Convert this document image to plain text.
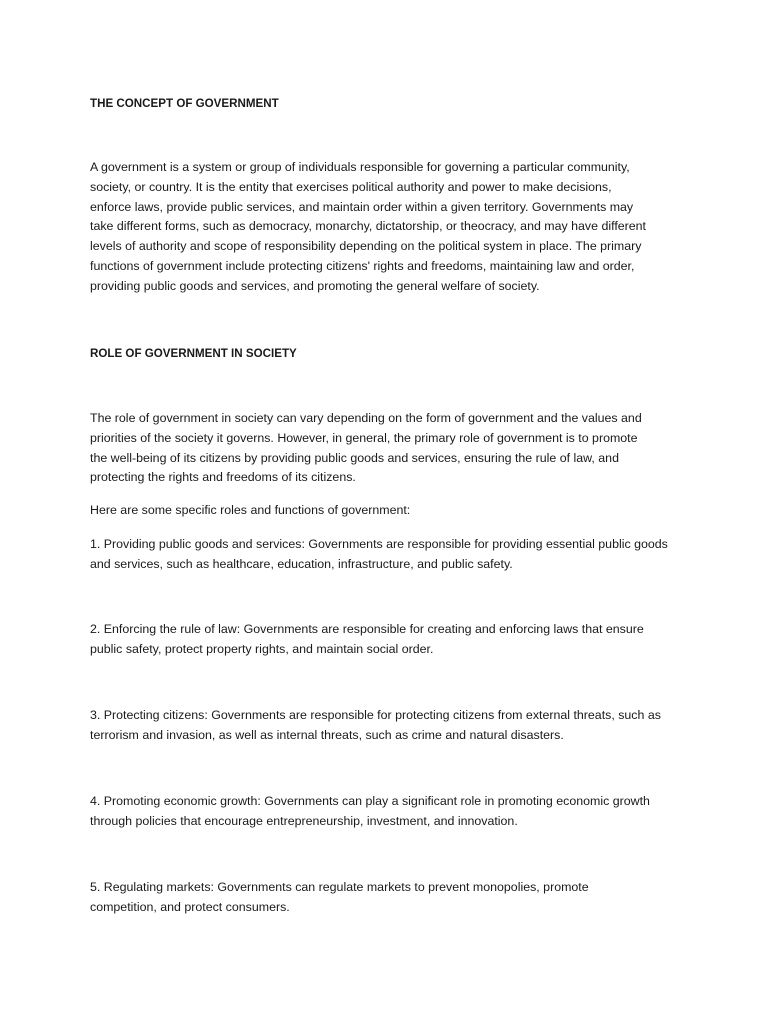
THE CONCEPT OF GOVERNMENT
A government is a system or group of individuals responsible for governing a particular community,
society, or country. It is the entity that exercises political authority and power to make decisions,
enforce laws, provide public services, and maintain order within a given territory. Governments may
take different forms, such as democracy, monarchy, dictatorship, or theocracy, and may have different
levels of authority and scope of responsibility depending on the political system in place. The primary
functions of government include protecting citizens' rights and freedoms, maintaining law and order,
providing public goods and services, and promoting the general welfare of society.
ROLE OF GOVERNMENT IN SOCIETY
The role of government in society can vary depending on the form of government and the values and
priorities of the society it governs. However, in general, the primary role of government is to promote
the well-being of its citizens by providing public goods and services, ensuring the rule of law, and
protecting the rights and freedoms of its citizens.
Here are some specific roles and functions of government:
1. Providing public goods and services: Governments are responsible for providing essential public goods
and services, such as healthcare, education, infrastructure, and public safety.
2. Enforcing the rule of law: Governments are responsible for creating and enforcing laws that ensure
public safety, protect property rights, and maintain social order.
3. Protecting citizens: Governments are responsible for protecting citizens from external threats, such as
terrorism and invasion, as well as internal threats, such as crime and natural disasters.
4. Promoting economic growth: Governments can play a significant role in promoting economic growth
through policies that encourage entrepreneurship, investment, and innovation.
5. Regulating markets: Governments can regulate markets to prevent monopolies, promote
competition, and protect consumers.
